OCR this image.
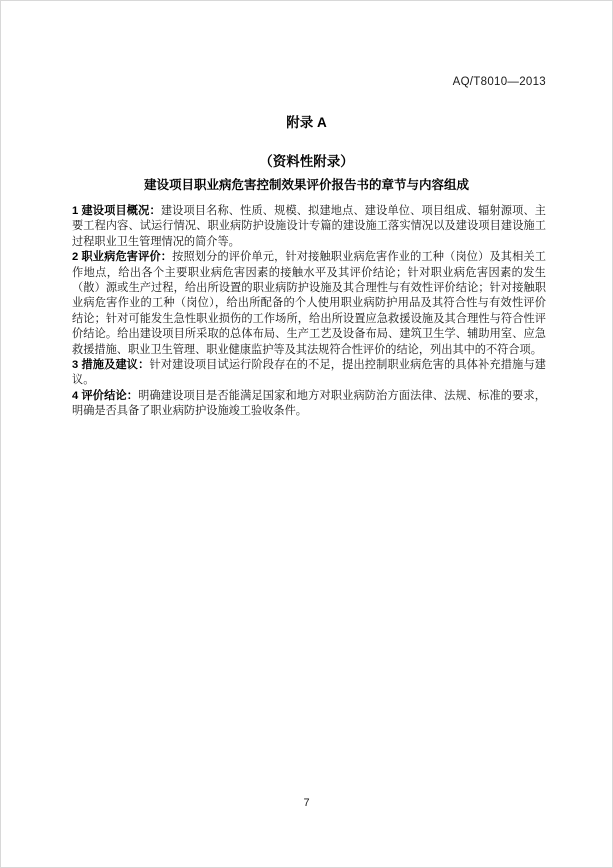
AQ/T8010—2013
附录 A
（资料性附录）
建设项目职业病危害控制效果评价报告书的章节与内容组成

1 建设项目概况：建设项目名称、性质、规模、拟建地点、建设单位、项目组成、辐射源项、主要工程内容、试运行情况、职业病防护设施设计专篇的建设施工落实情况以及建设项目建设施工过程职业卫生管理情况的简介等。

2 职业病危害评价：按照划分的评价单元，针对接触职业病危害作业的工种（岗位）及其相关工作地点，给出各个主要职业病危害因素的接触水平及其评价结论；针对职业病危害因素的发生（散）源或生产过程，给出所设置的职业病防护设施及其合理性与有效性评价结论；针对接触职业病危害作业的工种（岗位），给出所配备的个人使用职业病防护用品及其符合性与有效性评价结论；针对可能发生急性职业损伤的工作场所，给出所设置应急救援设施及其合理性与符合性评价结论。给出建设项目所采取的总体布局、生产工艺及设备布局、建筑卫生学、辅助用室、应急救援措施、职业卫生管理、职业健康监护等及其法规符合性评价的结论，列出其中的不符合项。

3 措施及建议：针对建设项目试运行阶段存在的不足，提出控制职业病危害的具体补充措施与建议。

4 评价结论：明确建设项目是否能满足国家和地方对职业病防治方面法律、法规、标准的要求，明确是否具备了职业病防护设施竣工验收条件。

7
